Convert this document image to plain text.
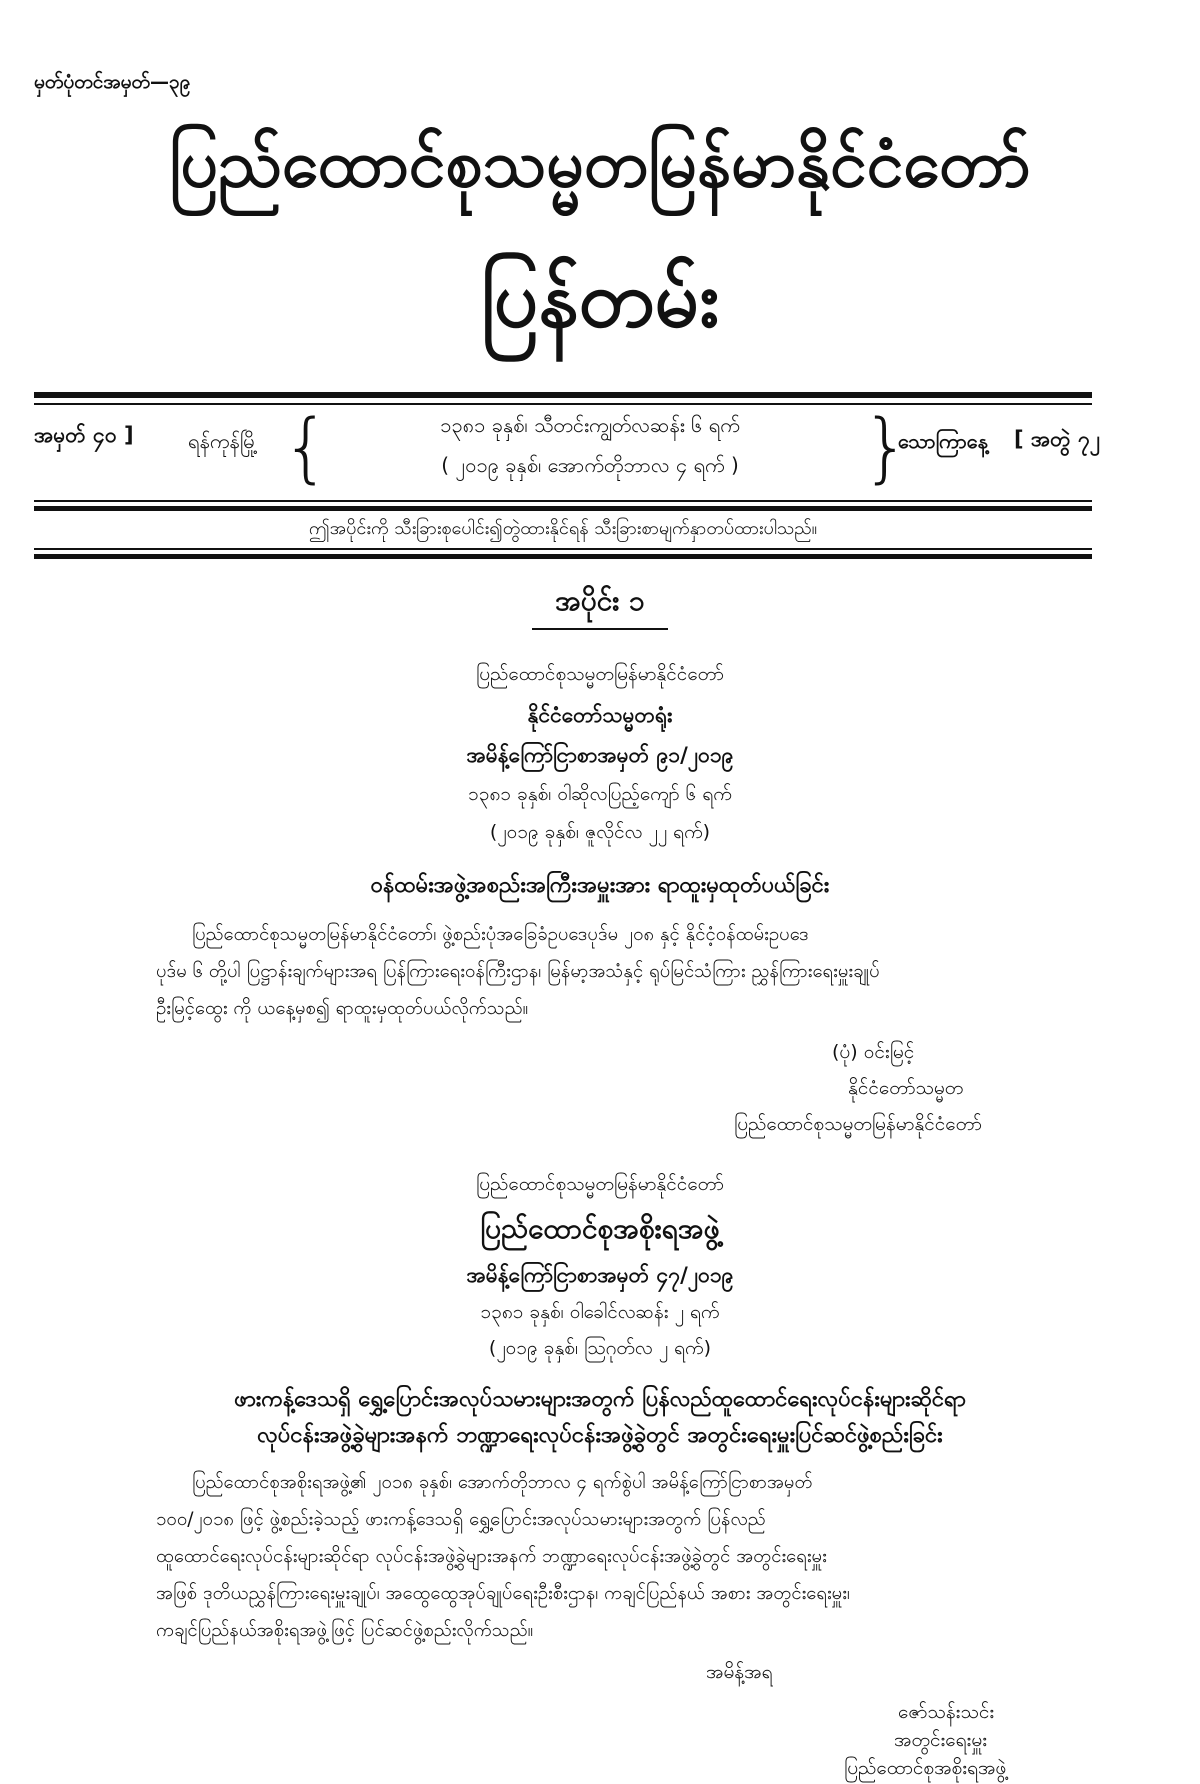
မှတ်ပုံတင်အမှတ်—၃၉
ပြည်ထောင်စုသမ္မတမြန်မာနိုင်ငံတော်
ပြန်တမ်း
အမှတ် ၄၀ ]	ရန်ကုန်မြို့ {	၁၃၈၁ ခုနှစ်၊ သီတင်းကျွတ်လဆန်း ၆ ရက်
( ၂၀၁၉ ခုနှစ်၊ အောက်တိုဘာလ ၄ ရက် )	}
သောကြာနေ့ [ အတွဲ ၇၂
ဤအပိုင်းကို သီးခြားစုပေါင်း၍တွဲထားနိုင်ရန် သီးခြားစာမျက်နှာတပ်ထားပါသည်။
အပိုင်း ၁
ပြည်ထောင်စုသမ္မတမြန်မာနိုင်ငံတော်
နိုင်ငံတော်သမ္မတရုံး
အမိန့်ကြော်ငြာစာအမှတ် ၉၁/၂၀၁၉
၁၃၈၁ ခုနှစ်၊ ဝါဆိုလပြည့်ကျော် ၆ ရက်
(၂၀၁၉ ခုနှစ်၊ ဇူလိုင်လ ၂၂ ရက်)
ဝန်ထမ်းအဖွဲ့အစည်းအကြီးအမှူးအား ရာထူးမှထုတ်ပယ်ခြင်း
ပြည်ထောင်စုသမ္မတမြန်မာနိုင်ငံတော်၊ ဖွဲ့စည်းပုံအခြေခံဥပဒေပုဒ်မ ၂၀၈ နှင့် နိုင်ငံ့ဝန်ထမ်းဥပဒေ
ပုဒ်မ ၆ တို့ပါ ပြဋ္ဌာန်းချက်များအရ ပြန်ကြားရေးဝန်ကြီးဌာန၊ မြန်မာ့အသံနှင့် ရုပ်မြင်သံကြား ညွှန်ကြားရေးမှူးချုပ်
ဦးမြင့်ထွေး ကို ယနေ့မှစ၍ ရာထူးမှထုတ်ပယ်လိုက်သည်။
(ပုံ) ဝင်းမြင့်
နိုင်ငံတော်သမ္မတ
ပြည်ထောင်စုသမ္မတမြန်မာနိုင်ငံတော်
ပြည်ထောင်စုသမ္မတမြန်မာနိုင်ငံတော်
ပြည်ထောင်စုအစိုးရအဖွဲ့
အမိန့်ကြော်ငြာစာအမှတ် ၄၇/၂၀၁၉
၁၃၈၁ ခုနှစ်၊ ဝါခေါင်လဆန်း ၂ ရက်
(၂၀၁၉ ခုနှစ်၊ ဩဂုတ်လ ၂ ရက်)
ဖားကန့်ဒေသရှိ ရွှေ့ပြောင်းအလုပ်သမားများအတွက် ပြန်လည်ထူထောင်ရေးလုပ်ငန်းများဆိုင်ရာ
လုပ်ငန်းအဖွဲ့ခွဲများအနက် ဘဏ္ဍာရေးလုပ်ငန်းအဖွဲ့ခွဲတွင် အတွင်းရေးမှူးပြင်ဆင်ဖွဲ့စည်းခြင်း
ပြည်ထောင်စုအစိုးရအဖွဲ့၏ ၂၀၁၈ ခုနှစ်၊ အောက်တိုဘာလ ၄ ရက်စွဲပါ အမိန့်ကြော်ငြာစာအမှတ်
၁၀၀/၂၀၁၈ ဖြင့် ဖွဲ့စည်းခဲ့သည့် ဖားကန့်ဒေသရှိ ရွှေ့ပြောင်းအလုပ်သမားများအတွက် ပြန်လည်
ထူထောင်ရေးလုပ်ငန်းများဆိုင်ရာ လုပ်ငန်းအဖွဲ့ခွဲများအနက် ဘဏ္ဍာရေးလုပ်ငန်းအဖွဲ့ခွဲတွင် အတွင်းရေးမှူး
အဖြစ် ဒုတိယညွှန်ကြားရေးမှူးချုပ်၊ အထွေထွေအုပ်ချုပ်ရေးဦးစီးဌာန၊ ကချင်ပြည်နယ် အစား အတွင်းရေးမှူး၊
ကချင်ပြည်နယ်အစိုးရအဖွဲ့ဖြင့် ပြင်ဆင်ဖွဲ့စည်းလိုက်သည်။
အမိန့်အရ
ဇော်သန်းသင်း
အတွင်းရေးမှူး
ပြည်ထောင်စုအစိုးရအဖွဲ့
